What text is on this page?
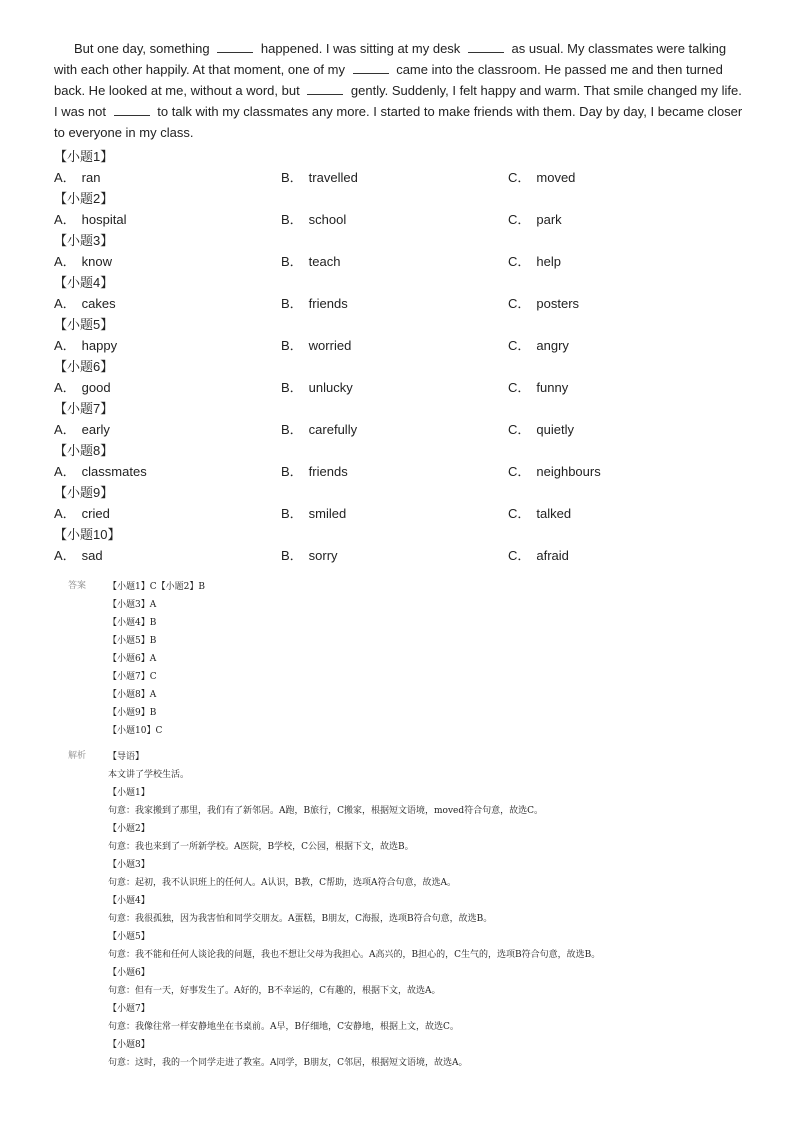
But one day, something	happened. I was sitting at my desk	as usual. My classmates were talking with each other happily. At that moment, one of my	came into the classroom. He passed me and then turned back. He looked at me, without a word, but	gently. Suddenly, I felt happy and warm. That smile changed my life. I was not	to talk with my classmates any more. I started to make friends with them. Day by day, I became closer to everyone in my class.

【小题1】
A． ran	B． travelled	C． moved
【小题2】
A． hospital	B． school	C． park
【小题3】
A． know	B． teach	C． help
【小题4】
A． cakes	B． friends	C． posters
【小题5】
A． happy	B． worried	C． angry
【小题6】
A． good	B． unlucky	C． funny
【小题7】
A． early	B． carefully	C． quietly
【小题8】
A． classmates	B． friends	C． neighbours
【小题9】
A． cried	B． smiled	C． talked
【小题10】
A． sad	B． sorry	C． afraid
答案	【小题1】C【小题2】B
【小题3】A
【小题4】B
【小题5】B
【小题6】A
【小题7】C
【小题8】A
【小题9】B
【小题10】C
解析	【导语】
本文讲了学校生活。
【小题1】
句意：我家搬到了那里，我们有了新邻居。A跑，B旅行，C搬家，根据短文语境，moved符合句意，故选C。
【小题2】
句意：我也来到了一所新学校。A医院，B学校，C公园，根据下文，故选B。
【小题3】
句意：起初，我不认识班上的任何人。A认识，B教，C帮助，选项A符合句意，故选A。
【小题4】
句意：我很孤独，因为我害怕和同学交朋友。A蛋糕，B朋友，C海报，选项B符合句意，故选B。
【小题5】
句意：我不能和任何人谈论我的问题，我也不想让父母为我担心。A高兴的，B担心的，C生气的，选项B符合句意，故选B。
【小题6】
句意：但有一天，好事发生了。A好的，B不幸运的，C有趣的，根据下文，故选A。
【小题7】
句意：我像往常一样安静地坐在书桌前。A早，B仔细地，C安静地，根据上文，故选C。
【小题8】
句意：这时，我的一个同学走进了教室。A同学，B朋友，C邻居，根据短文语境，故选A。
